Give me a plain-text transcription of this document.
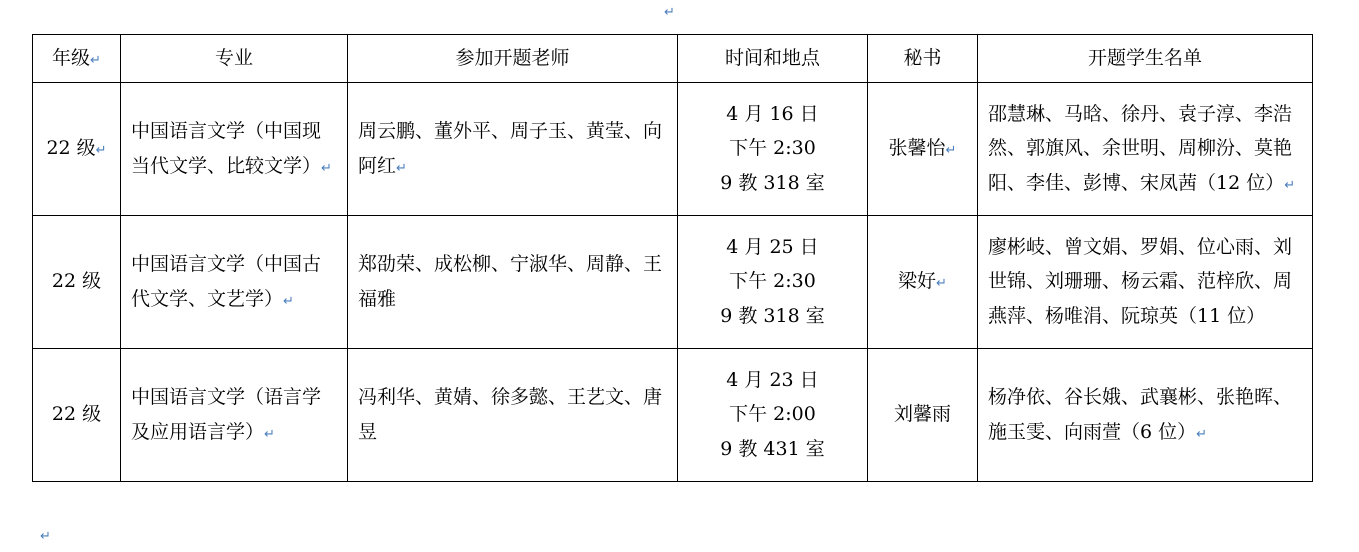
↵
年级↵	专业	参加开题老师	时间和地点	秘书	开题学生名单
22 级↵	中国语言文学（中国现当代文学、比较文学）↵	周云鹏、董外平、周子玉、黄莹、向阿红↵	4 月 16 日
下午 2:30
9 教 318 室	张馨怡↵	邵慧琳、马晗、徐丹、袁子淳、李浩然、郭旗风、余世明、周柳汾、莫艳阳、李佳、彭博、宋凤茜（12 位）↵
22 级	中国语言文学（中国古代文学、文艺学）↵	郑劭荣、成松柳、宁淑华、周静、王福雅	4 月 25 日
下午 2:30
9 教 318 室	梁好↵	廖彬岐、曾文娟、罗娟、位心雨、刘世锦、刘珊珊、杨云霜、范梓欣、周燕萍、杨唯涓、阮琼英（11 位）
22 级	中国语言文学（语言学及应用语言学）↵	冯利华、黄婧、徐多懿、王艺文、唐昱	4 月 23 日
下午 2:00
9 教 431 室	刘馨雨	杨净依、谷长娥、武襄彬、张艳晖、施玉雯、向雨萱（6 位）↵
↵
